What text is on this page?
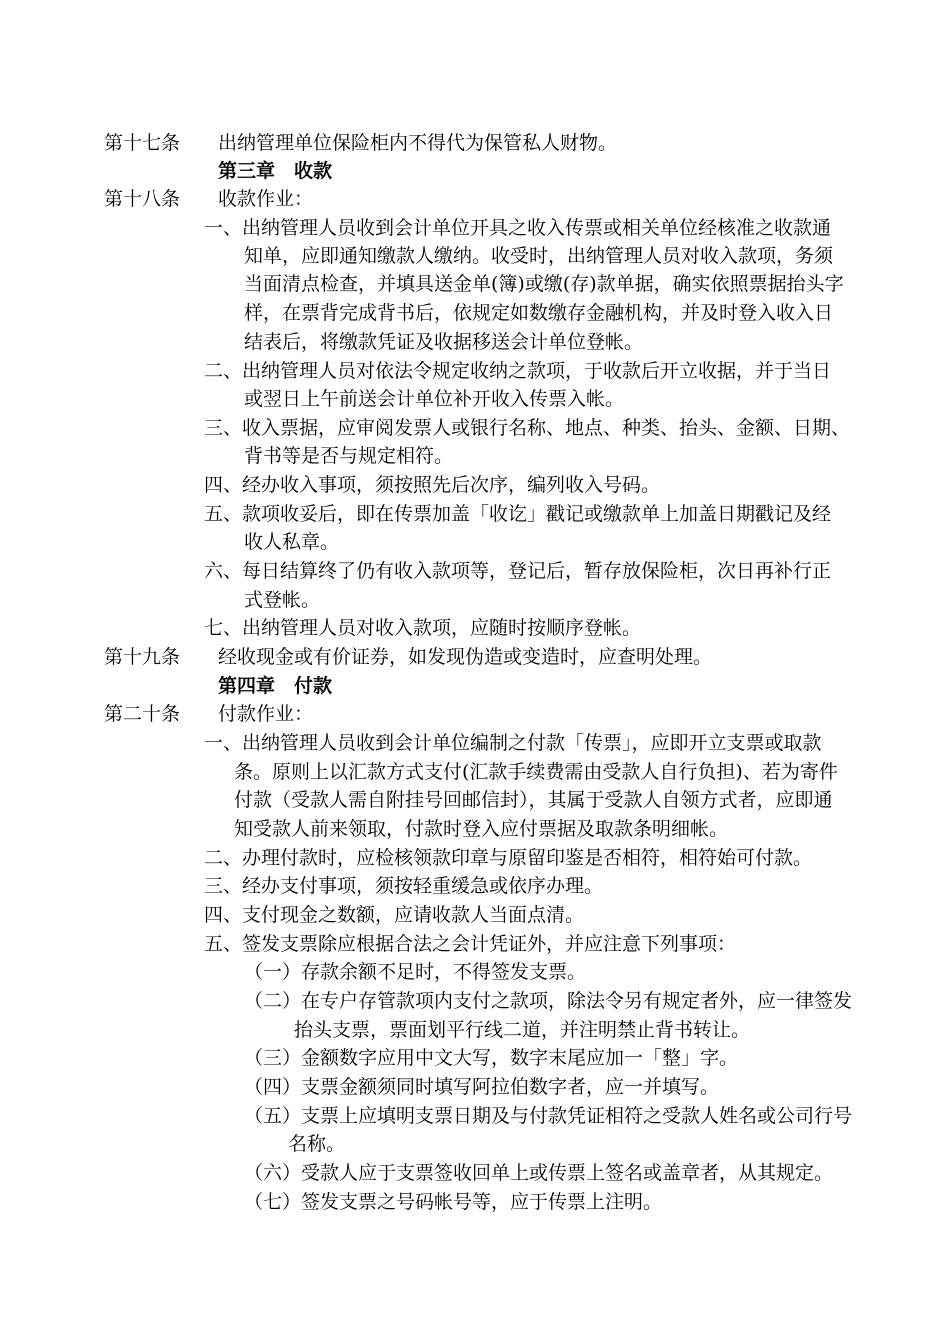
第十七条 出纳管理单位保险柜内不得代为保管私人财物。
第三章　收款
第十八条 收款作业：
一、出纳管理人员收到会计单位开具之收入传票或相关单位经核准之收款通
知单，应即通知缴款人缴纳。收受时，出纳管理人员对收入款项，务须
当面清点检查，并填具送金单(簿)或缴(存)款单据，确实依照票据抬头字
样，在票背完成背书后，依规定如数缴存金融机构，并及时登入收入日
结表后，将缴款凭证及收据移送会计单位登帐。
二、出纳管理人员对依法令规定收纳之款项，于收款后开立收据，并于当日
或翌日上午前送会计单位补开收入传票入帐。
三、收入票据，应审阅发票人或银行名称、地点、种类、抬头、金额、日期、
背书等是否与规定相符。
四、经办收入事项，须按照先后次序，编列收入号码。
五、款项收妥后，即在传票加盖「收讫」戳记或缴款单上加盖日期戳记及经
收人私章。
六、每日结算终了仍有收入款项等，登记后，暂存放保险柜，次日再补行正
式登帐。
七、出纳管理人员对收入款项，应随时按顺序登帐。
第十九条 经收现金或有价证券，如发现伪造或变造时，应查明处理。
第四章　付款
第二十条 付款作业：
一、出纳管理人员收到会计单位编制之付款「传票」，应即开立支票或取款
条。原则上以汇款方式支付(汇款手续费需由受款人自行负担)、若为寄件
付款（受款人需自附挂号回邮信封），其属于受款人自领方式者，应即通
知受款人前来领取，付款时登入应付票据及取款条明细帐。
二、办理付款时，应检核领款印章与原留印鉴是否相符，相符始可付款。
三、经办支付事项，须按轻重缓急或依序办理。
四、支付现金之数额，应请收款人当面点清。
五、签发支票除应根据合法之会计凭证外，并应注意下列事项：
（一）存款余额不足时，不得签发支票。
（二）在专户存管款项内支付之款项，除法令另有规定者外，应一律签发
抬头支票，票面划平行线二道，并注明禁止背书转让。
（三）金额数字应用中文大写，数字末尾应加一「整」字。
（四）支票金额须同时填写阿拉伯数字者，应一并填写。
（五）支票上应填明支票日期及与付款凭证相符之受款人姓名或公司行号
名称。
（六）受款人应于支票签收回单上或传票上签名或盖章者，从其规定。
（七）签发支票之号码帐号等，应于传票上注明。
